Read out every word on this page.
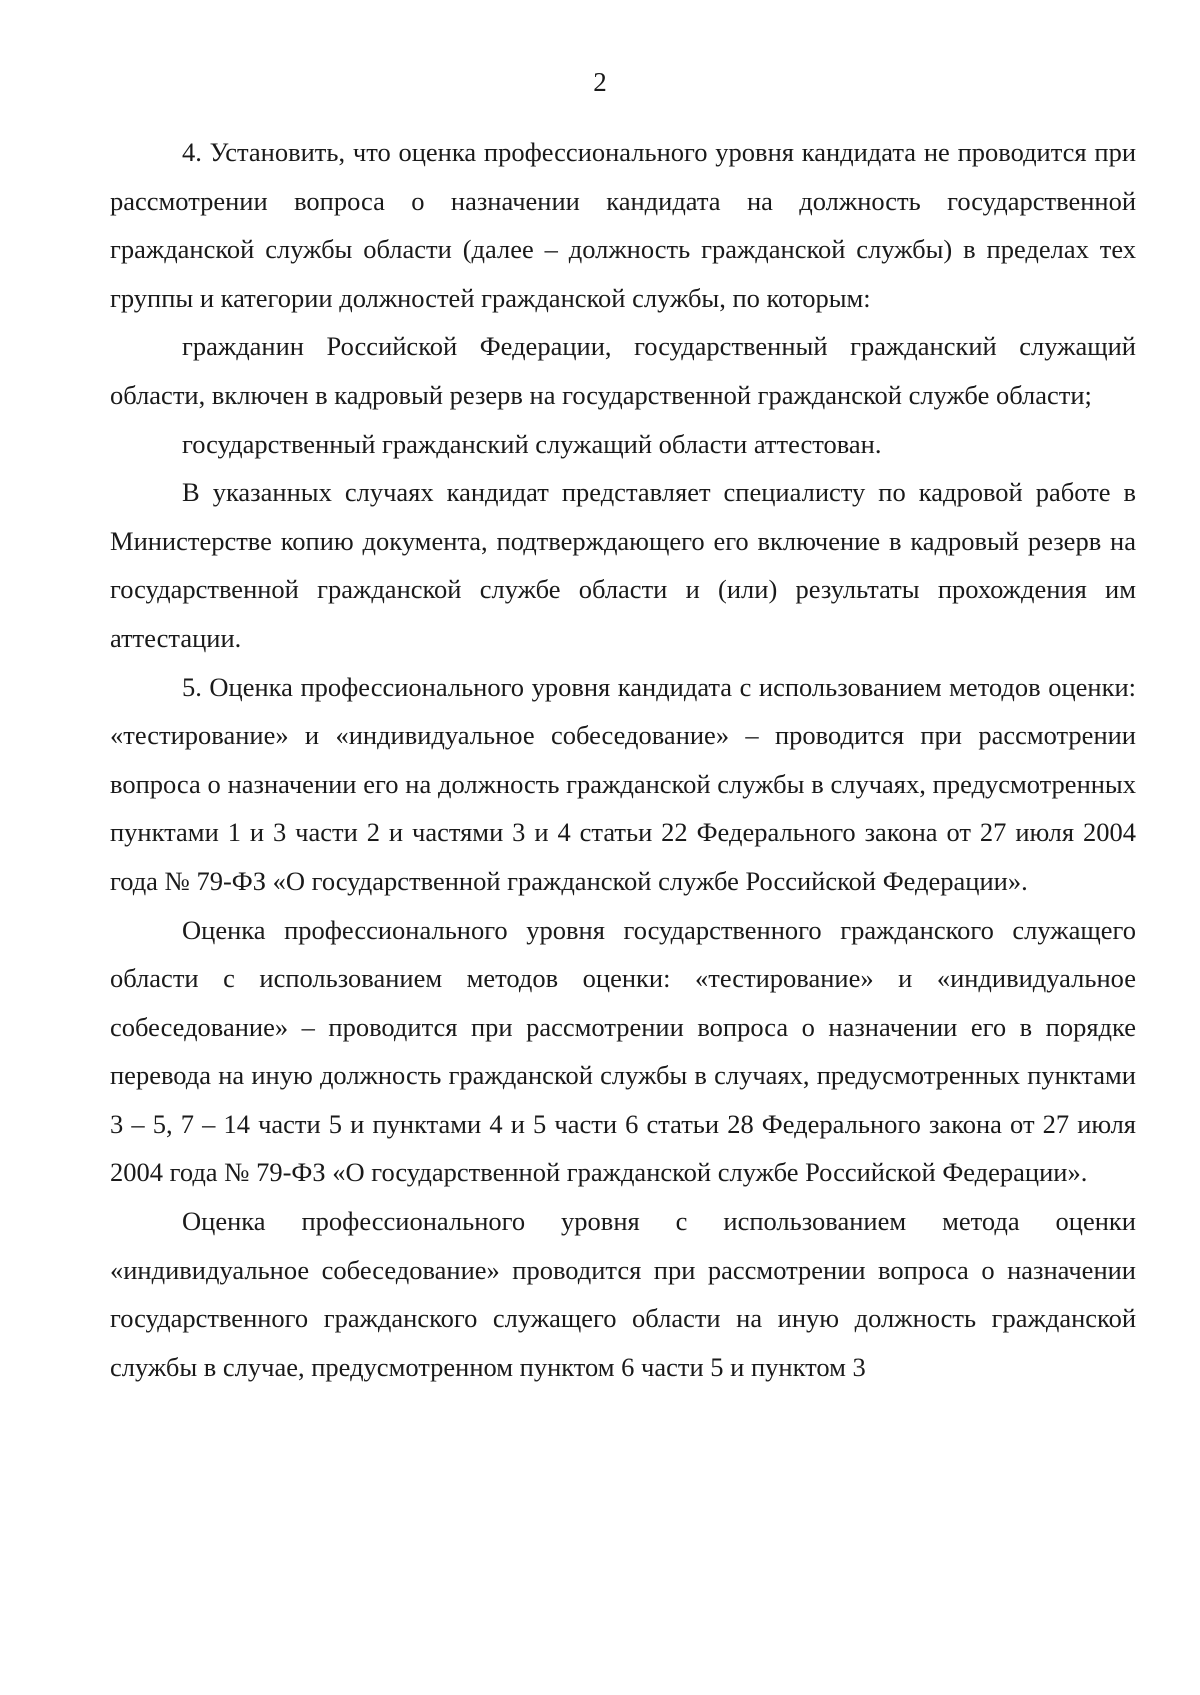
2

4. Установить, что оценка профессионального уровня кандидата не проводится при рассмотрении вопроса о назначении кандидата на должность государственной гражданской службы области (далее – должность гражданской службы) в пределах тех группы и категории должностей гражданской службы, по которым:

гражданин Российской Федерации, государственный гражданский служащий области, включен в кадровый резерв на государственной гражданской службе области;

государственный гражданский служащий области аттестован.

В указанных случаях кандидат представляет специалисту по кадровой работе в Министерстве копию документа, подтверждающего его включение в кадровый резерв на государственной гражданской службе области и (или) результаты прохождения им аттестации.

5. Оценка профессионального уровня кандидата с использованием методов оценки: «тестирование» и «индивидуальное собеседование» – проводится при рассмотрении вопроса о назначении его на должность гражданской службы в случаях, предусмотренных пунктами 1 и 3 части 2 и частями 3 и 4 статьи 22 Федерального закона от 27 июля 2004 года № 79-ФЗ «О государственной гражданской службе Российской Федерации».

Оценка профессионального уровня государственного гражданского служащего области с использованием методов оценки: «тестирование» и «индивидуальное собеседование» – проводится при рассмотрении вопроса о назначении его в порядке перевода на иную должность гражданской службы в случаях, предусмотренных пунктами 3 – 5, 7 – 14 части 5 и пунктами 4 и 5 части 6 статьи 28 Федерального закона от 27 июля 2004 года № 79-ФЗ «О государственной гражданской службе Российской Федерации».

Оценка профессионального уровня с использованием метода оценки «индивидуальное собеседование» проводится при рассмотрении вопроса о назначении государственного гражданского служащего области на иную должность гражданской службы в случае, предусмотренном пунктом 6 части 5 и пунктом 3
